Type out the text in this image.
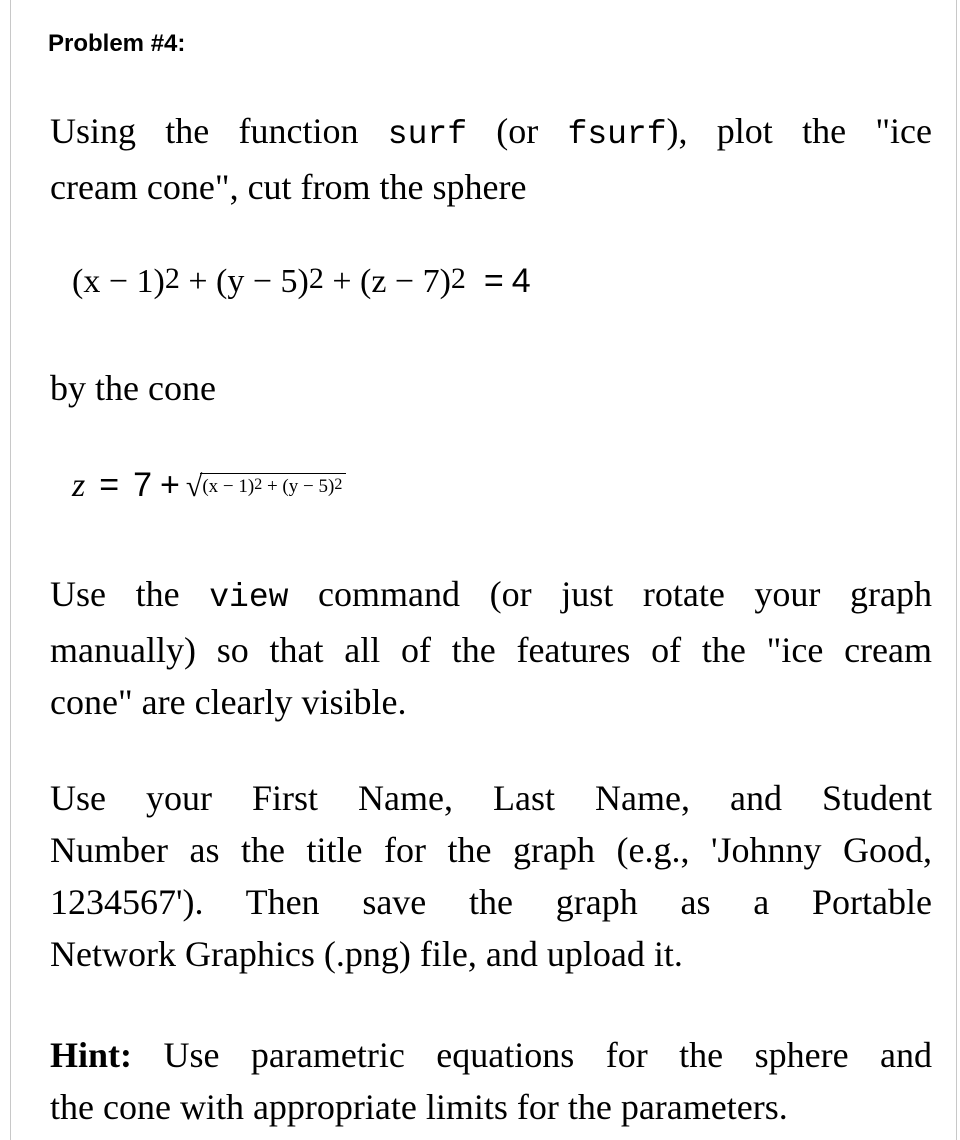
Problem #4:
Using the function surf (or fsurf), plot the "ice
cream cone", cut from the sphere
$(x - 1)^2 + (y - 5)^2 + (z - 7)^2 = 4$
by the cone
$z = 7 + √(x - 1)^2 + (y - 5)^2$
Use the view command (or just rotate your graph
manually) so that all of the features of the "ice cream
cone" are clearly visible.
Use your First Name, Last Name, and Student
Number as the title for the graph (e.g., 'Johnny Good,
1234567'). Then save the graph as a Portable
Network Graphics (.png) file, and upload it.
Hint: Use parametric equations for the sphere and
the cone with appropriate limits for the parameters.
